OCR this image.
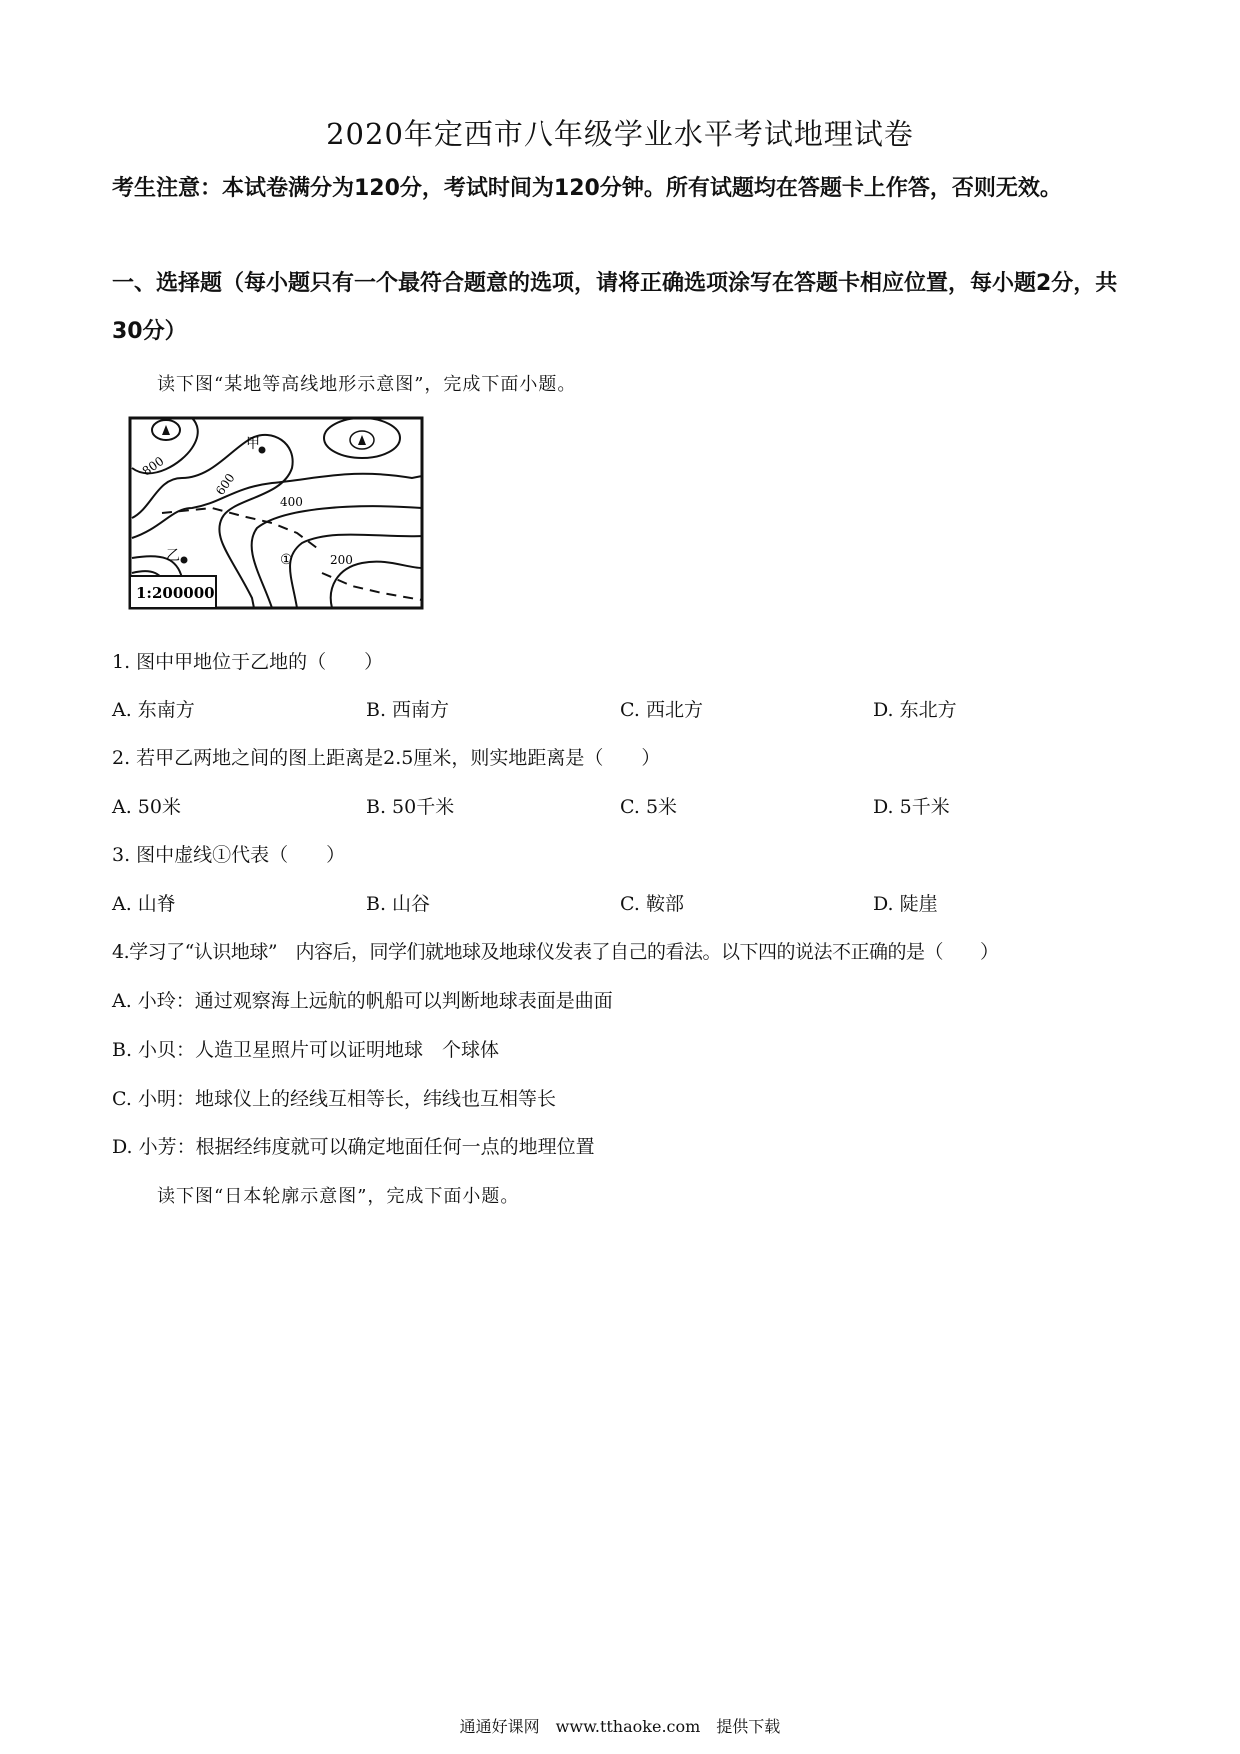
2020年定西市八年级学业水平考试地理试卷
考生注意：本试卷满分为120分，考试时间为120分钟。所有试题均在答题卡上作答，否则无效。
一、选择题（每小题只有一个最符合题意的选项，请将正确选项涂写在答题卡相应位置，每小题2分，共30分）
读下图“某地等高线地形示意图”，完成下面小题。
甲
乙	①
800
600
400
200
1:200000
1. 图中甲地位于乙地的（　　）
A. 东南方	B. 西南方	C. 西北方	D. 东北方
2. 若甲乙两地之间的图上距离是2.5厘米，则实地距离是（　　）
A. 50米	B. 50千米	C. 5米	D. 5千米
3. 图中虚线①代表（　　）
A. 山脊	B. 山谷	C. 鞍部	D. 陡崖
4.学习了“认识地球”　内容后，同学们就地球及地球仪发表了自己的看法。以下四的说法不正确的是（　　）
A. 小玲：通过观察海上远航的帆船可以判断地球表面是曲面
B. 小贝：人造卫星照片可以证明地球　个球体
C. 小明：地球仪上的经线互相等长，纬线也互相等长
D. 小芳：根据经纬度就可以确定地面任何一点的地理位置
读下图“日本轮廓示意图”，完成下面小题。
通通好课网　www.tthaoke.com　提供下载
